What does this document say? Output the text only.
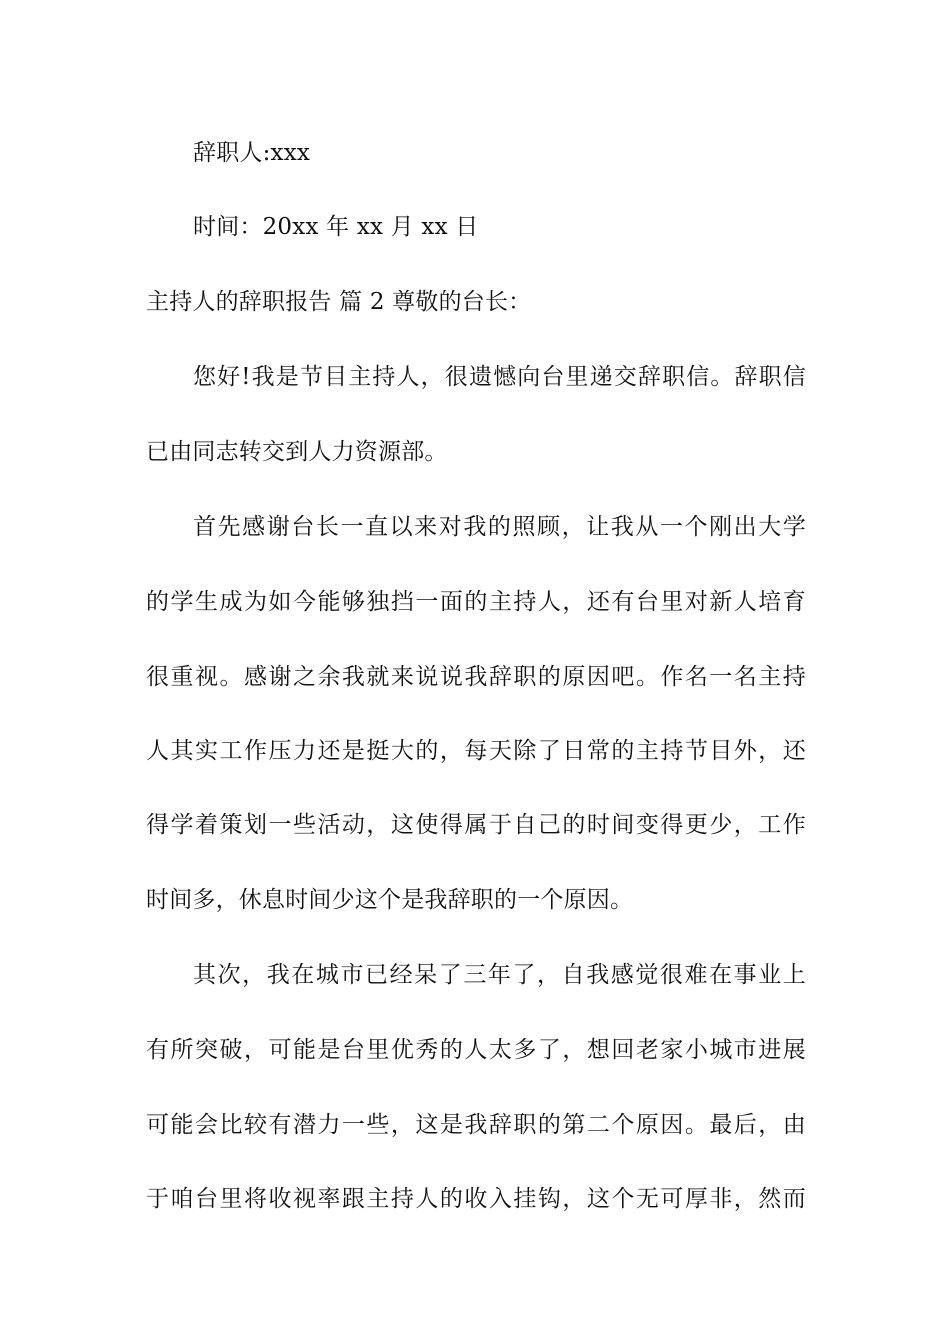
辞职人:xxx
时间：20xx 年 xx 月 xx 日
主持人的辞职报告 篇 2 尊敬的台长：
您好!我是节目主持人，很遗憾向台里递交辞职信。辞职信
已由同志转交到人力资源部。
首先感谢台长一直以来对我的照顾，让我从一个刚出大学
的学生成为如今能够独挡一面的主持人，还有台里对新人培育
很重视。感谢之余我就来说说我辞职的原因吧。作名一名主持
人其实工作压力还是挺大的，每天除了日常的主持节目外，还
得学着策划一些活动，这使得属于自己的时间变得更少，工作
时间多，休息时间少这个是我辞职的一个原因。
其次，我在城市已经呆了三年了，自我感觉很难在事业上
有所突破，可能是台里优秀的人太多了，想回老家小城市进展
可能会比较有潜力一些，这是我辞职的第二个原因。最后，由
于咱台里将收视率跟主持人的收入挂钩，这个无可厚非，然而
